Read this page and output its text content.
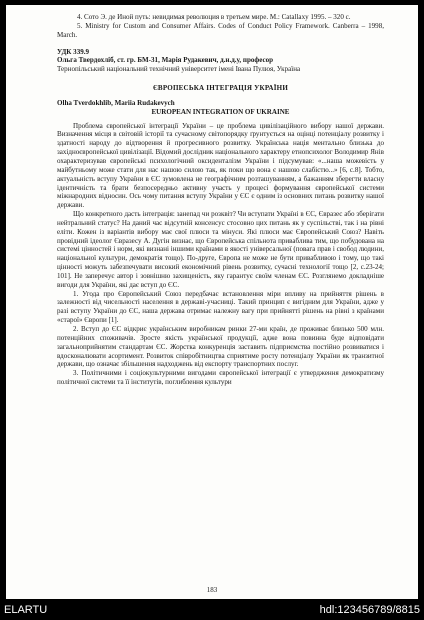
4. Сото Э. де Иной путь: невидимая революция в третьем мире. М.: Catallaxy 1995. – 320 с.

5. Ministry for Custom and Consumer Affairs. Codes of Conduct Policy Framework. Canberra – 1998, March.

УДК 339.9

Ольга Твердохліб, ст. гр. БМ-31, Марія Рудакевич, д.н.д.у, професор

Тернопільський національний технічний університет імені Івана Пулюя, Україна

ЄВРОПЕСЬКА ІНТЕГРАЦІЯ УКРАЇНИ

Olha Tverdokhlib, Mariia Rudakevych

EUROPEAN INTEGRATION OF UKRAINE

Проблема європейської інтеграції України – це проблема цивілізаційного вибору нашої держави. Визначення місця в світовій історії та сучасному світопорядку ґрунтується на оцінці потенціалу розвитку і здатності народу до відтворення й прогресивного розвитку. Українська нація ментально близька до західноєвропейської цивілізації. Відомий дослідник національного характеру етнопсихолог Володимир Янів охарактеризував європейські психологічний оксиденталізм України і підсумував: «...наша можевість у майбутньому може стати для нас нашою силою так, як поки що вона є нашою слабістю...» [6, с.8]. Тобто, актуальність вступу України в ЄС зумовлена не географічним розташуванням, а бажанням зберегти власну ідентичність та брати безпосередньо активну участь у процесі формування європейської системи міжнародних відносин. Ось чому питання вступу України у ЄС є одним із основних питань розвитку нашої держави.

Що конкретного дасть інтеграція: занепад чи розквіт? Чи вступати Україні в ЄС, Євразес або зберігати нейтральний статус? На даний час відсутній консенсус стосовно цих питань як у суспільстві, так і на рівні еліти. Кожен із варіантів вибору має свої плюси та мінуси. Які плюси має Європейський Союз? Навіть провідний ідеолог Євразесу А. Дугін визнає, що Європейська спільнота приваблива тим, що побудована на системі цінностей і норм, які визнані іншими країнами в якості універсальної (повага прав і свобод людини, національної культури, демократія тощо). По-друге, Європа не може не бути привабливою і тому, що такі цінності можуть забезпечувати високий економічний рівень розвитку, сучасні технології тощо [2, с.23-24; 101]. Не заперечує автор і зовнішню захищеність, яку гарантує своїм членам ЄС. Розглянемо докладніше вигоди для України, які дає вступ до ЄС.

1. Угода про Європейський Союз передбачає встановлення міри впливу на прийняття рішень в залежності від чисельності населення в державі-учасниці. Такий принцип є вигідним для України, адже у разі вступу України до ЄС, наша держава отримає належну вагу при прийнятті рішень на рівні з країнами «старої» Європи [1].

2. Вступ до ЄС відкриє українським виробникам ринки 27-ми країн, де проживає близько 500 млн. потенційних споживачів. Зросте якість української продукції, адже вона повинна буде відповідати загальноприйнятим стандартам ЄС. Жорстка конкуренція заставить підприємства постійно розвиватися і вдосконалювати асортимент. Розвиток співробітництва сприятиме росту потенціалу України як транзитної держави, що означає збільшення надходжень від експорту транспортних послуг.

3. Політичними і соціокультурними вигодами європейської інтеграції є утвердження демократизму політичної системи та її інститутів, поглиблення культури

183
ELARTU	hdl:123456789/8815
